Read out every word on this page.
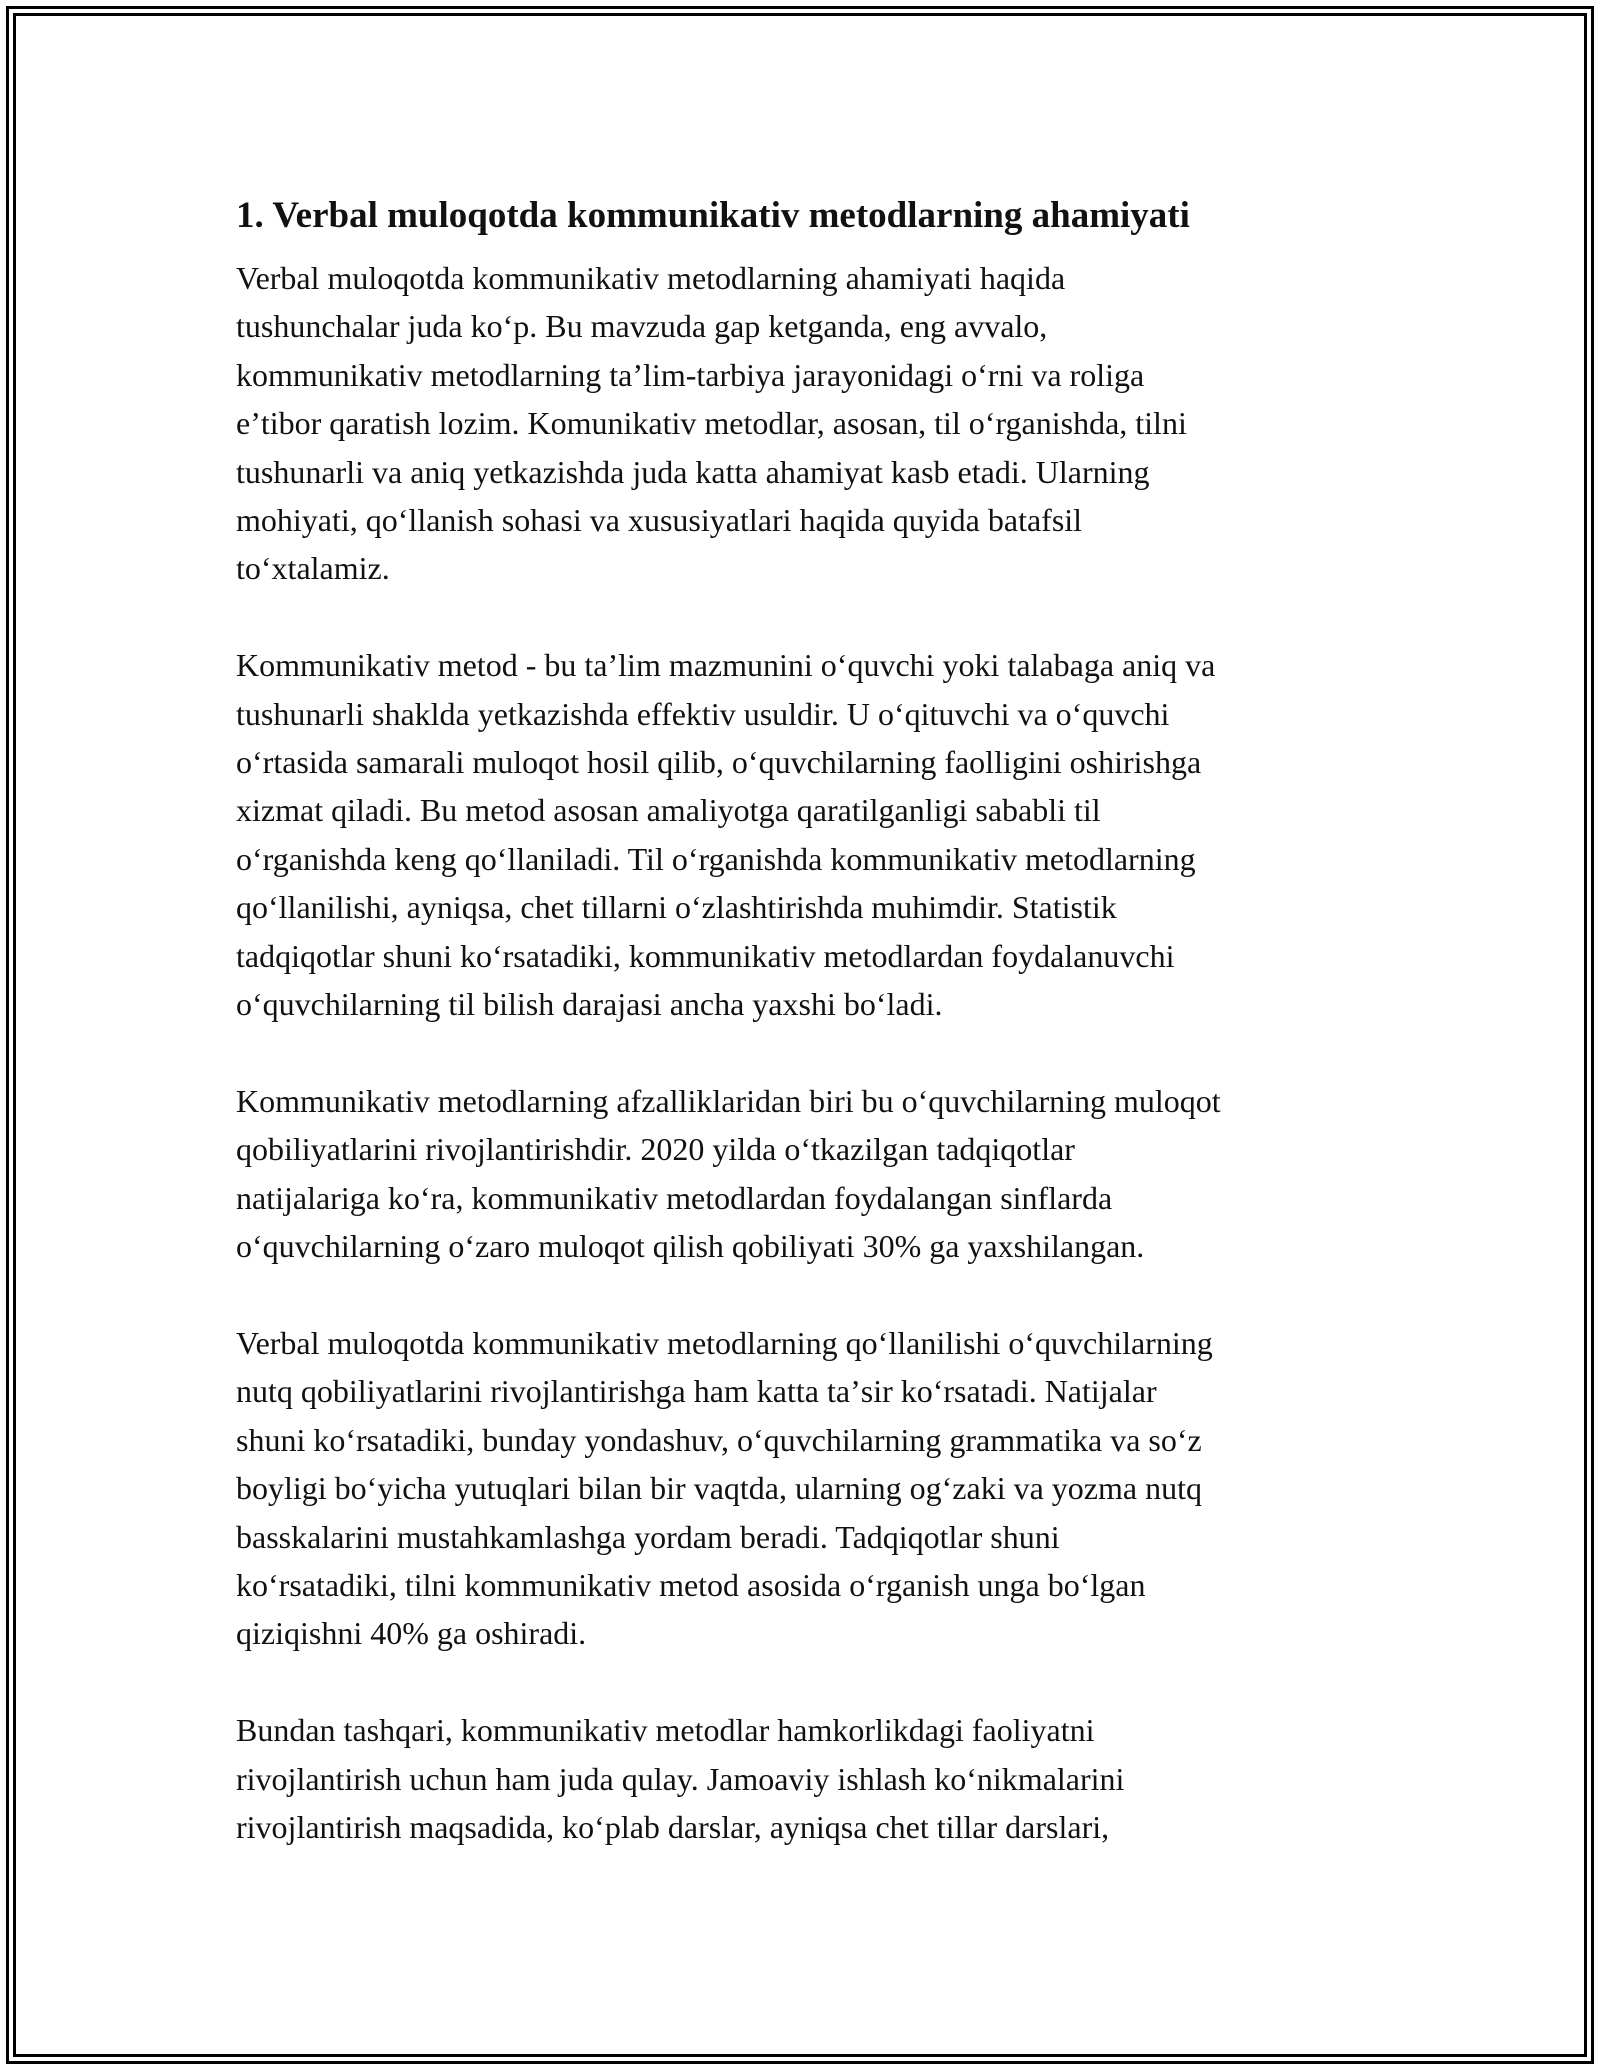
1. Verbal muloqotda kommunikativ metodlarning ahamiyati

Verbal muloqotda kommunikativ metodlarning ahamiyati haqida
tushunchalar juda koʻp. Bu mavzuda gap ketganda, eng avvalo,
kommunikativ metodlarning taʼlim-tarbiya jarayonidagi oʻrni va roliga
eʼtibor qaratish lozim. Komunikativ metodlar, asosan, til oʻrganishda, tilni
tushunarli va aniq yetkazishda juda katta ahamiyat kasb etadi. Ularning
mohiyati, qoʻllanish sohasi va xususiyatlari haqida quyida batafsil
toʻxtalamiz.

Kommunikativ metod - bu taʼlim mazmunini oʻquvchi yoki talabaga aniq va
tushunarli shaklda yetkazishda effektiv usuldir. U oʻqituvchi va oʻquvchi
oʻrtasida samarali muloqot hosil qilib, oʻquvchilarning faolligini oshirishga
xizmat qiladi. Bu metod asosan amaliyotga qaratilganligi sababli til
oʻrganishda keng qoʻllaniladi. Til oʻrganishda kommunikativ metodlarning
qoʻllanilishi, ayniqsa, chet tillarni oʻzlashtirishda muhimdir. Statistik
tadqiqotlar shuni koʻrsatadiki, kommunikativ metodlardan foydalanuvchi
oʻquvchilarning til bilish darajasi ancha yaxshi boʻladi.

Kommunikativ metodlarning afzalliklaridan biri bu oʻquvchilarning muloqot
qobiliyatlarini rivojlantirishdir. 2020 yilda oʻtkazilgan tadqiqotlar
natijalariga koʻra, kommunikativ metodlardan foydalangan sinflarda
oʻquvchilarning oʻzaro muloqot qilish qobiliyati 30% ga yaxshilangan.

Verbal muloqotda kommunikativ metodlarning qoʻllanilishi oʻquvchilarning
nutq qobiliyatlarini rivojlantirishga ham katta taʼsir koʻrsatadi. Natijalar
shuni koʻrsatadiki, bunday yondashuv, oʻquvchilarning grammatika va soʻz
boyligi boʻyicha yutuqlari bilan bir vaqtda, ularning ogʻzaki va yozma nutq
basskalarini mustahkamlashga yordam beradi. Tadqiqotlar shuni
koʻrsatadiki, tilni kommunikativ metod asosida oʻrganish unga boʻlgan
qiziqishni 40% ga oshiradi.

Bundan tashqari, kommunikativ metodlar hamkorlikdagi faoliyatni
rivojlantirish uchun ham juda qulay. Jamoaviy ishlash koʻnikmalarini
rivojlantirish maqsadida, koʻplab darslar, ayniqsa chet tillar darslari,
